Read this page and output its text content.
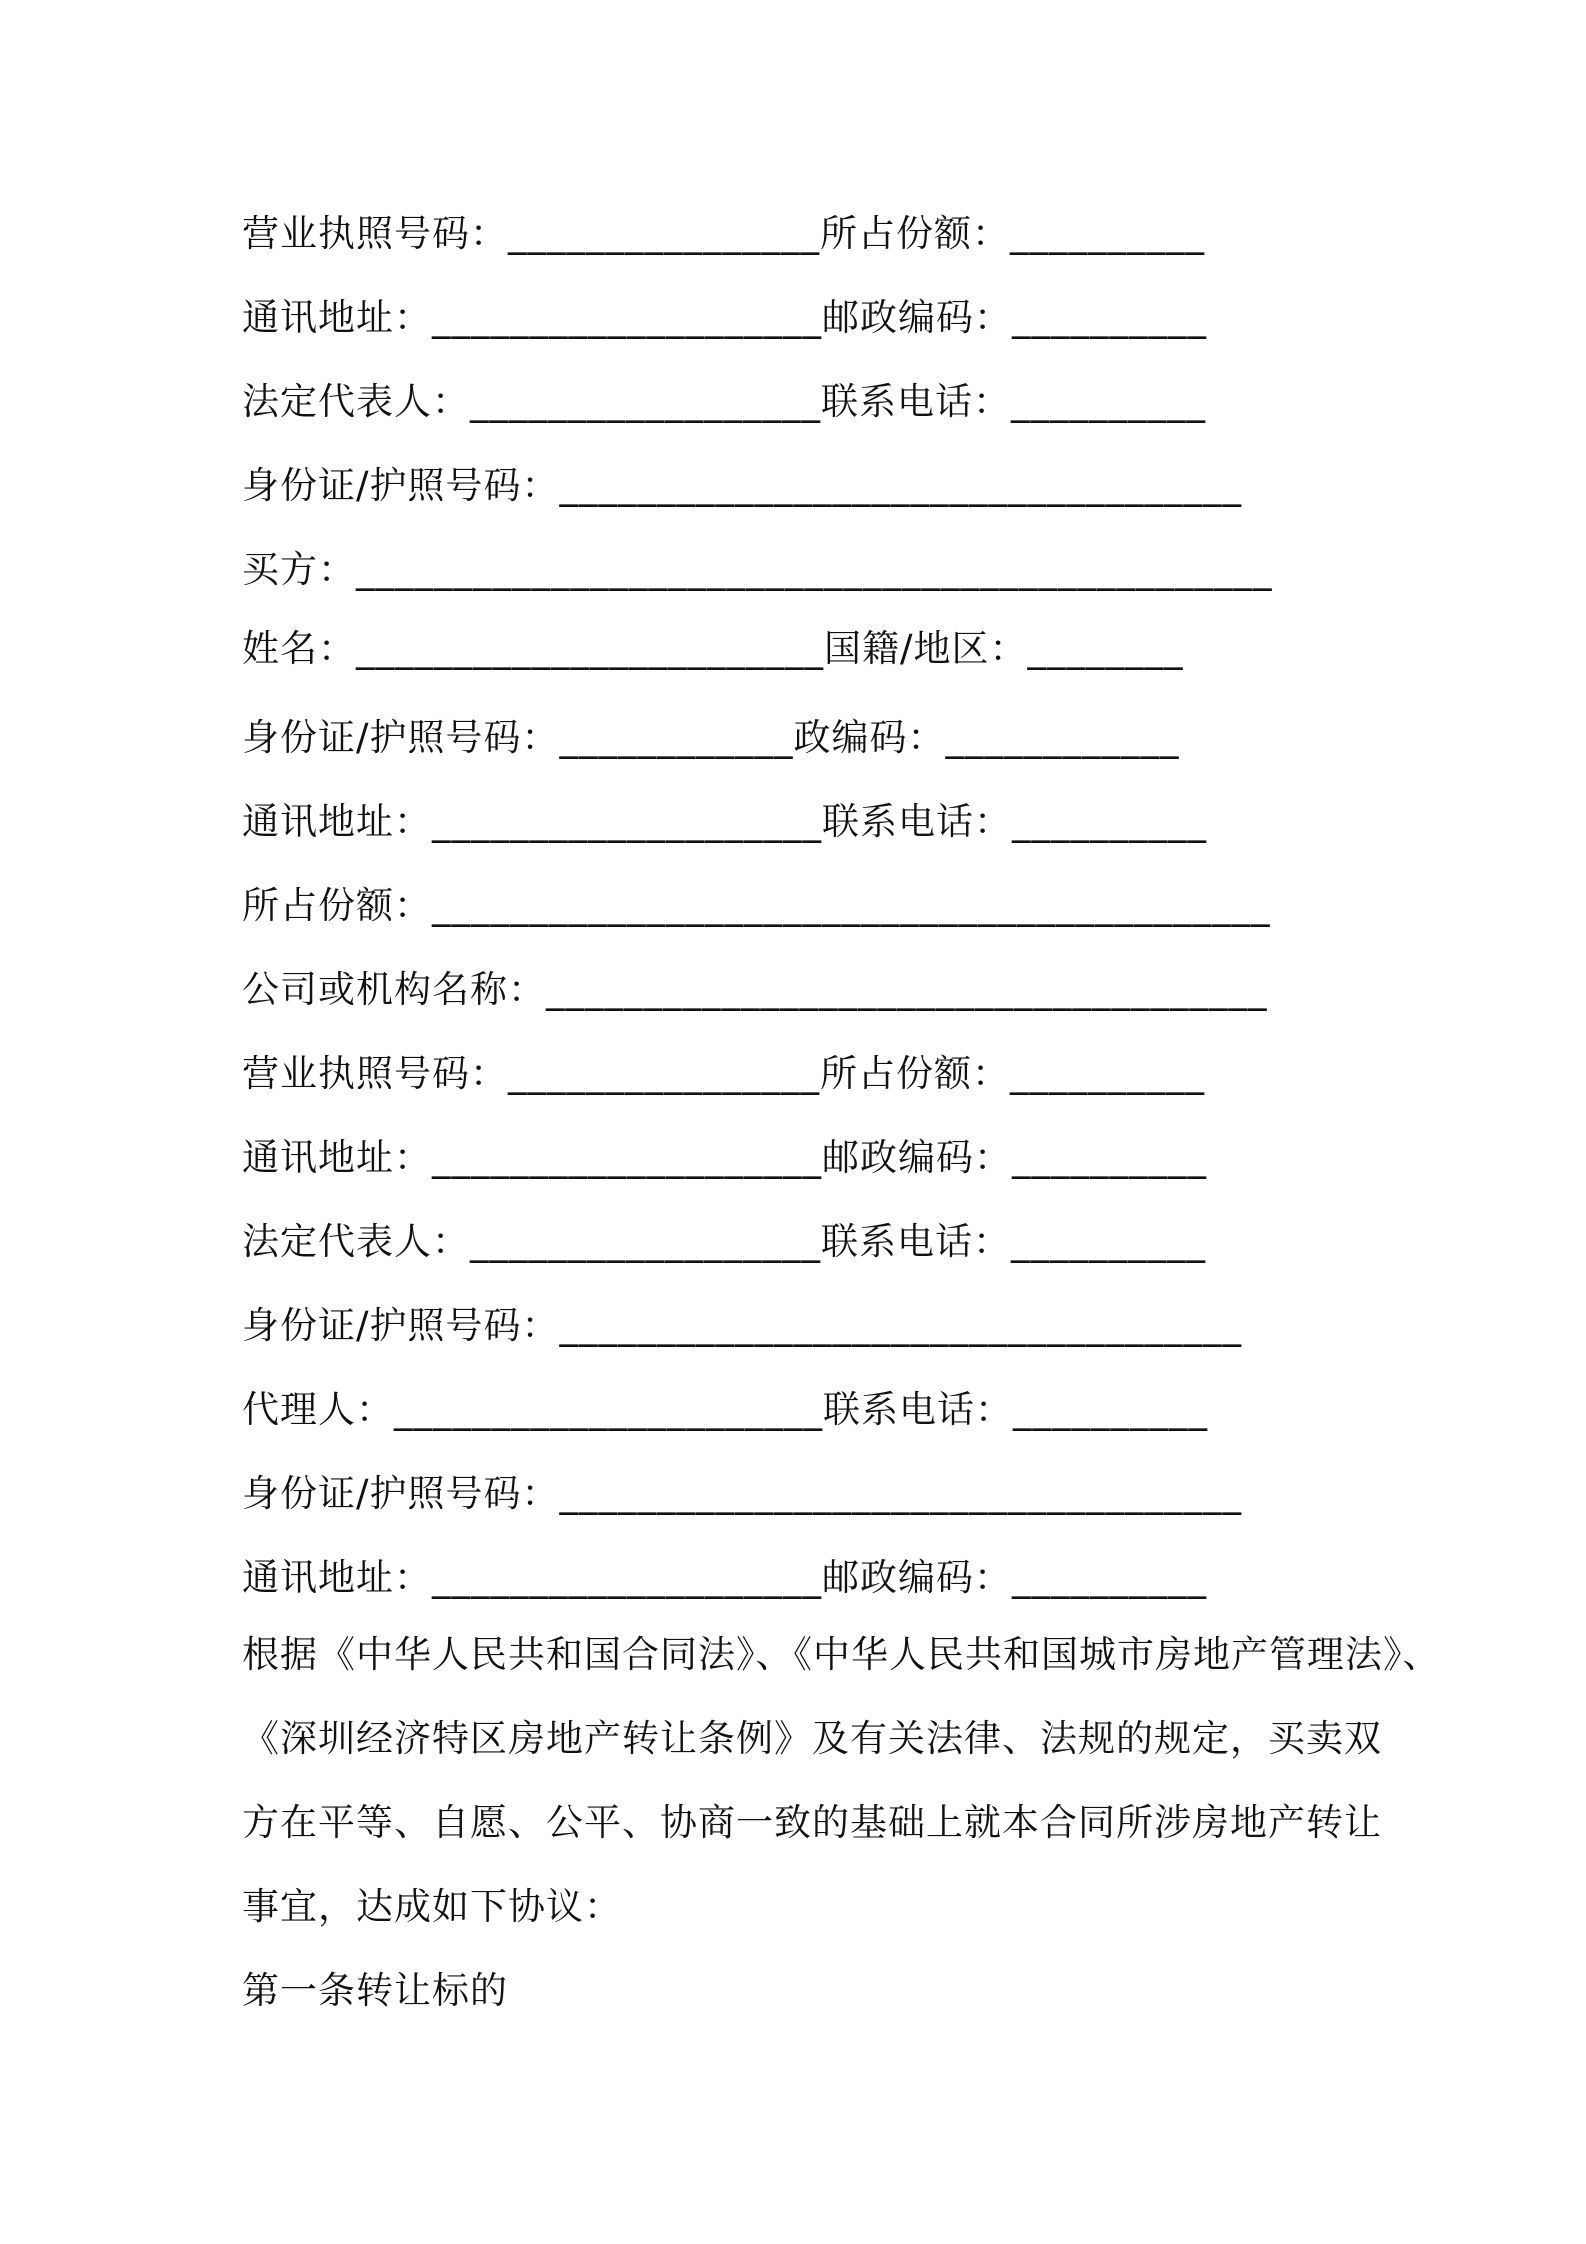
营业执照号码：________________所占份额：__________
通讯地址：____________________邮政编码：__________
法定代表人：__________________联系电话：__________
身份证/护照号码：___________________________________
买方：_______________________________________________
姓名：________________________国籍/地区：________
身份证/护照号码：____________政编码：____________
通讯地址：____________________联系电话：__________
所占份额：___________________________________________
公司或机构名称：_____________________________________
营业执照号码：________________所占份额：__________
通讯地址：____________________邮政编码：__________
法定代表人：__________________联系电话：__________
身份证/护照号码：___________________________________
代理人：______________________联系电话：__________
身份证/护照号码：___________________________________
通讯地址：____________________邮政编码：__________
根据《中华人民共和国合同法》、《中华人民共和国城市房地产管理法》、
《深圳经济特区房地产转让条例》及有关法律、法规的规定，买卖双
方在平等、自愿、公平、协商一致的基础上就本合同所涉房地产转让
事宜，达成如下协议：
第一条转让标的
